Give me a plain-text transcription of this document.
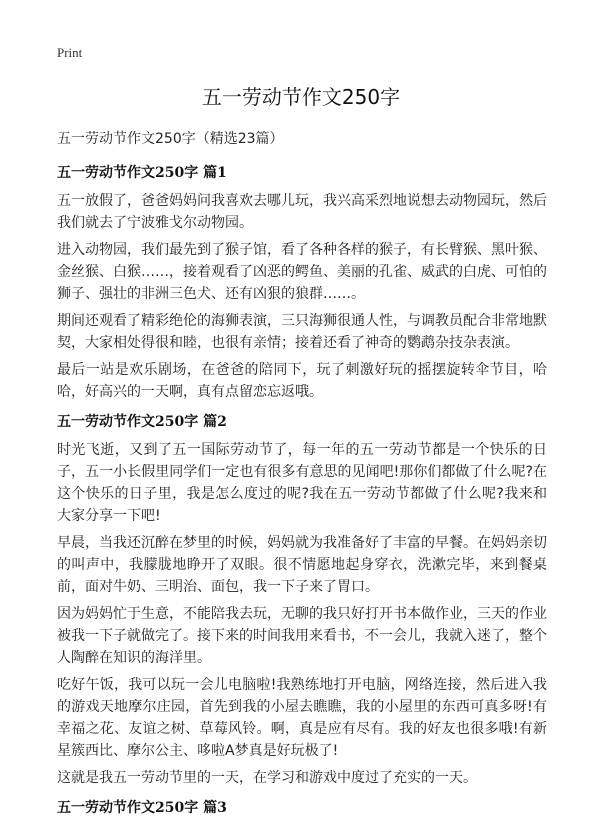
Print
五一劳动节作文250字
五一劳动节作文250字（精选23篇）
五一劳动节作文250字 篇1

五一放假了，爸爸妈妈问我喜欢去哪儿玩，我兴高采烈地说想去动物园玩，然后我们就去了宁波雅戈尔动物园。

进入动物园，我们最先到了猴子馆，看了各种各样的猴子，有长臂猴、黑叶猴、金丝猴、白猴……，接着观看了凶恶的鳄鱼、美丽的孔雀、威武的白虎、可怕的狮子、强壮的非洲三色犬、还有凶狠的狼群……。

期间还观看了精彩绝伦的海狮表演，三只海狮很通人性，与调教员配合非常地默契，大家相处得很和睦，也很有亲情；接着还看了神奇的鹦鹉杂技杂表演。

最后一站是欢乐剧场，在爸爸的陪同下，玩了刺激好玩的摇摆旋转伞节目，哈哈，好高兴的一天啊，真有点留恋忘返哦。

五一劳动节作文250字 篇2

时光飞逝，又到了五一国际劳动节了，每一年的五一劳动节都是一个快乐的日子，五一小长假里同学们一定也有很多有意思的见闻吧!那你们都做了什么呢?在这个快乐的日子里，我是怎么度过的呢?我在五一劳动节都做了什么呢?我来和大家分享一下吧!

早晨，当我还沉醉在梦里的时候，妈妈就为我准备好了丰富的早餐。在妈妈亲切的叫声中，我朦胧地睁开了双眼。很不情愿地起身穿衣，洗漱完毕，来到餐桌前，面对牛奶、三明治、面包，我一下子来了胃口。

因为妈妈忙于生意，不能陪我去玩，无聊的我只好打开书本做作业，三天的作业被我一下子就做完了。接下来的时间我用来看书，不一会儿，我就入迷了，整个人陶醉在知识的海洋里。

吃好午饭，我可以玩一会儿电脑啦!我熟练地打开电脑，网络连接，然后进入我的游戏天地摩尔庄园，首先到我的小屋去瞧瞧，我的小屋里的东西可真多呀!有幸福之花、友谊之树、草莓风铃。啊，真是应有尽有。我的好友也很多哦!有新星簇西比、摩尔公主、哆啦A梦真是好玩极了!

这就是我五一劳动节里的一天，在学习和游戏中度过了充实的一天。

五一劳动节作文250字 篇3
